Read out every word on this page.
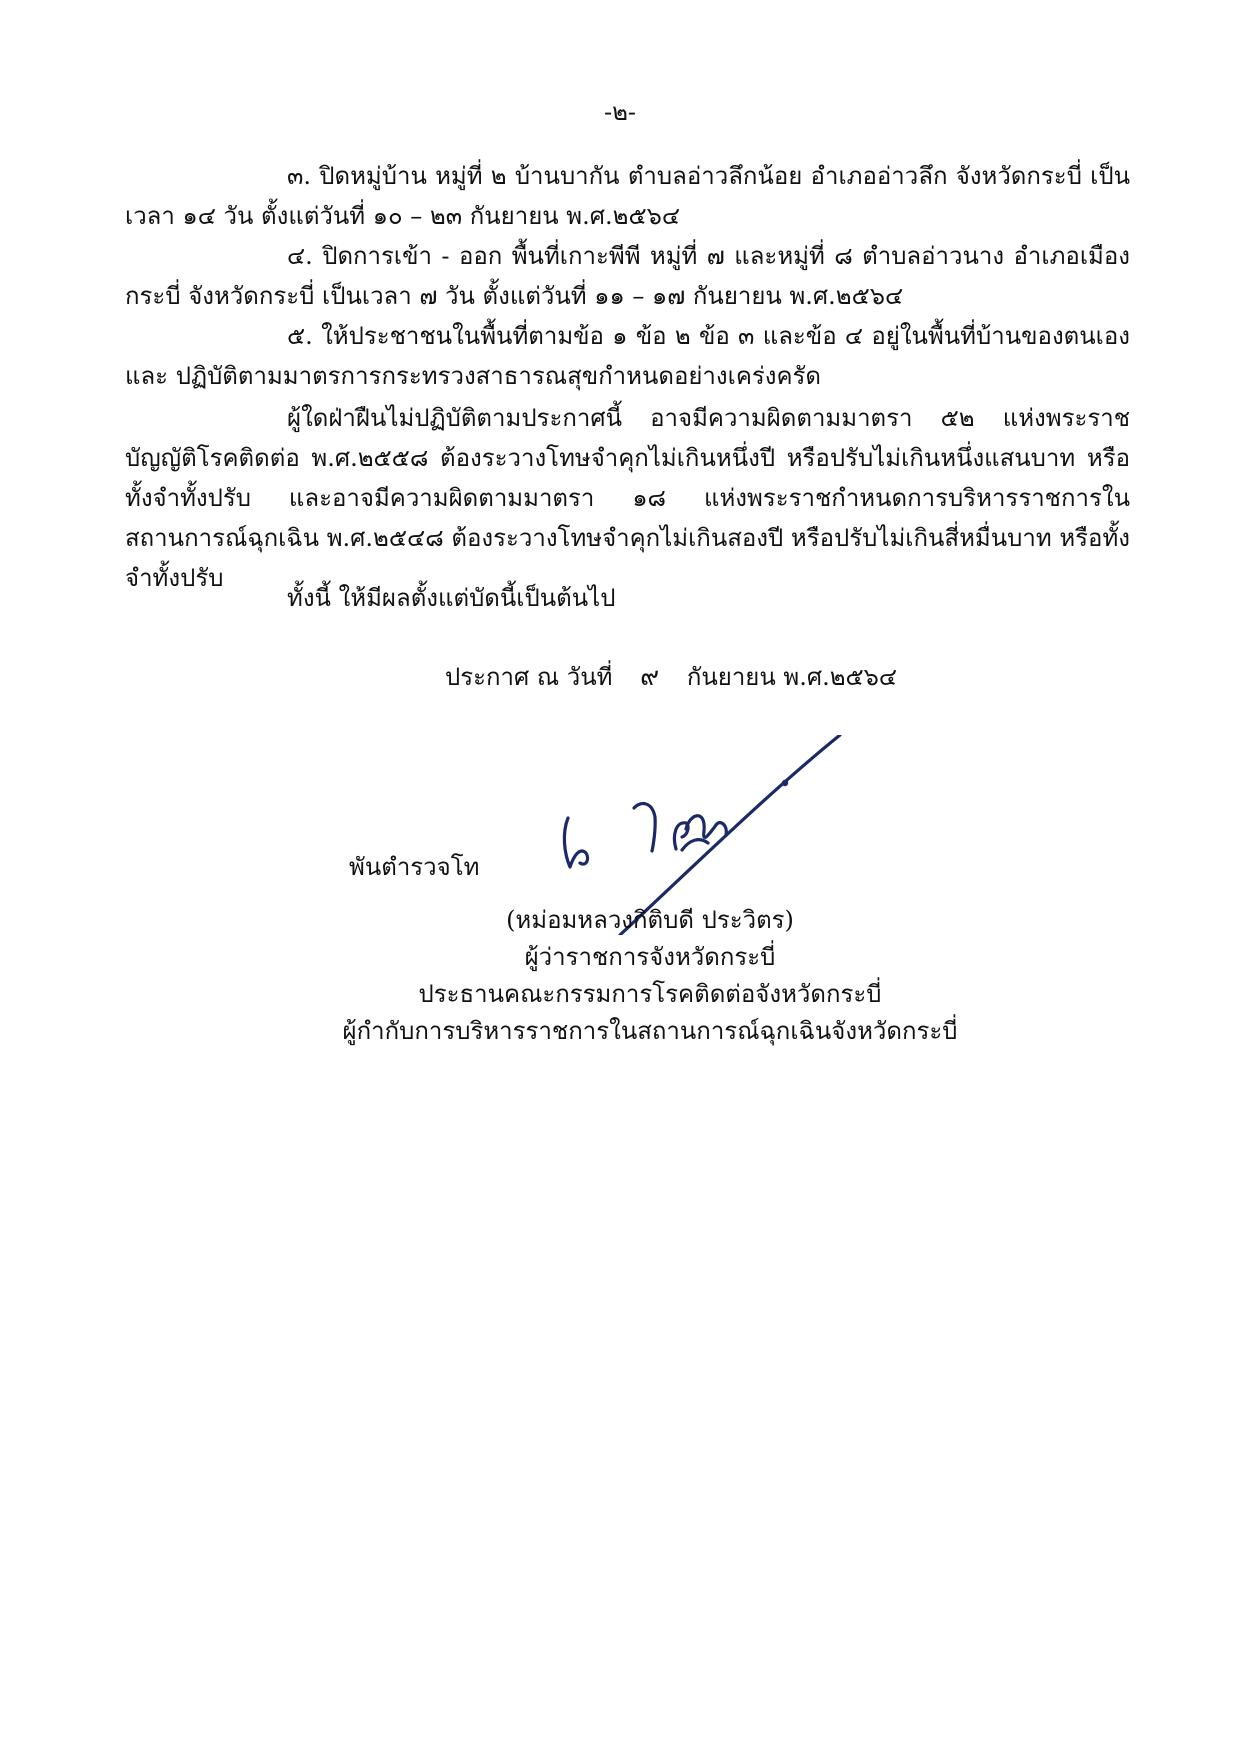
-๒-

๓. ปิดหมู่บ้าน หมู่ที่ ๒ บ้านบากัน ตำบลอ่าวลึกน้อย อำเภออ่าวลึก จังหวัดกระบี่ เป็นเวลา ๑๔ วัน ตั้งแต่วันที่ ๑๐ – ๒๓ กันยายน พ.ศ.๒๕๖๔

๔. ปิดการเข้า - ออก พื้นที่เกาะพีพี หมู่ที่ ๗ และหมู่ที่ ๘ ตำบลอ่าวนาง อำเภอเมืองกระบี่ จังหวัดกระบี่ เป็นเวลา ๗ วัน ตั้งแต่วันที่ ๑๑ – ๑๗ กันยายน พ.ศ.๒๕๖๔

๕. ให้ประชาชนในพื้นที่ตามข้อ ๑ ข้อ ๒ ข้อ ๓ และข้อ ๔ อยู่ในพื้นที่บ้านของตนเอง และ ปฏิบัติตามมาตรการกระทรวงสาธารณสุขกำหนดอย่างเคร่งครัด

ผู้ใดฝ่าฝืนไม่ปฏิบัติตามประกาศนี้ อาจมีความผิดตามมาตรา ๕๒ แห่งพระราชบัญญัติโรคติดต่อ พ.ศ.๒๕๕๘ ต้องระวางโทษจำคุกไม่เกินหนึ่งปี หรือปรับไม่เกินหนึ่งแสนบาท หรือทั้งจำทั้งปรับ และอาจมีความผิดตามมาตรา ๑๘ แห่งพระราชกำหนดการบริหารราชการในสถานการณ์ฉุกเฉิน พ.ศ.๒๕๔๘ ต้องระวางโทษจำคุกไม่เกินสองปี หรือปรับไม่เกินสี่หมื่นบาท หรือทั้งจำทั้งปรับ

ทั้งนี้ ให้มีผลตั้งแต่บัดนี้เป็นต้นไป

ประกาศ ณ วันที่ ๙ กันยายน พ.ศ.๒๕๖๔
พันตำรวจโท
(หม่อมหลวงกิติบดี ประวิตร)
ผู้ว่าราชการจังหวัดกระบี่
ประธานคณะกรรมการโรคติดต่อจังหวัดกระบี่
ผู้กำกับการบริหารราชการในสถานการณ์ฉุกเฉินจังหวัดกระบี่
